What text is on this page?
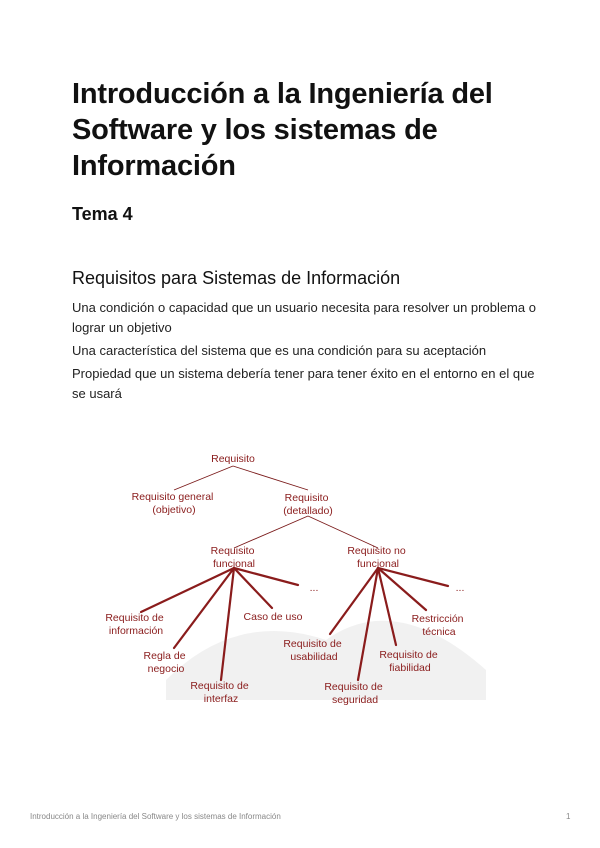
Introducción a la Ingeniería del Software y los sistemas de Información
Tema 4
Requisitos para Sistemas de Información

Una condición o capacidad que un usuario necesita para resolver un problema o lograr un objetivo

Una característica del sistema que es una condición para su aceptación

Propiedad que un sistema debería tener para tener éxito en el entorno en el que se usará

Requisito
Requisito general (objetivo)
Requisito (detallado)
Requisito funcional
Requisito no funcional
...	...
Requisito de información
Regla de negocio
Requisito de interfaz
Caso de uso
Requisito de usabilidad
Requisito de seguridad
Requisito de fiabilidad
Restricción técnica

Introducción a la Ingeniería del Software y los sistemas de Información	1
